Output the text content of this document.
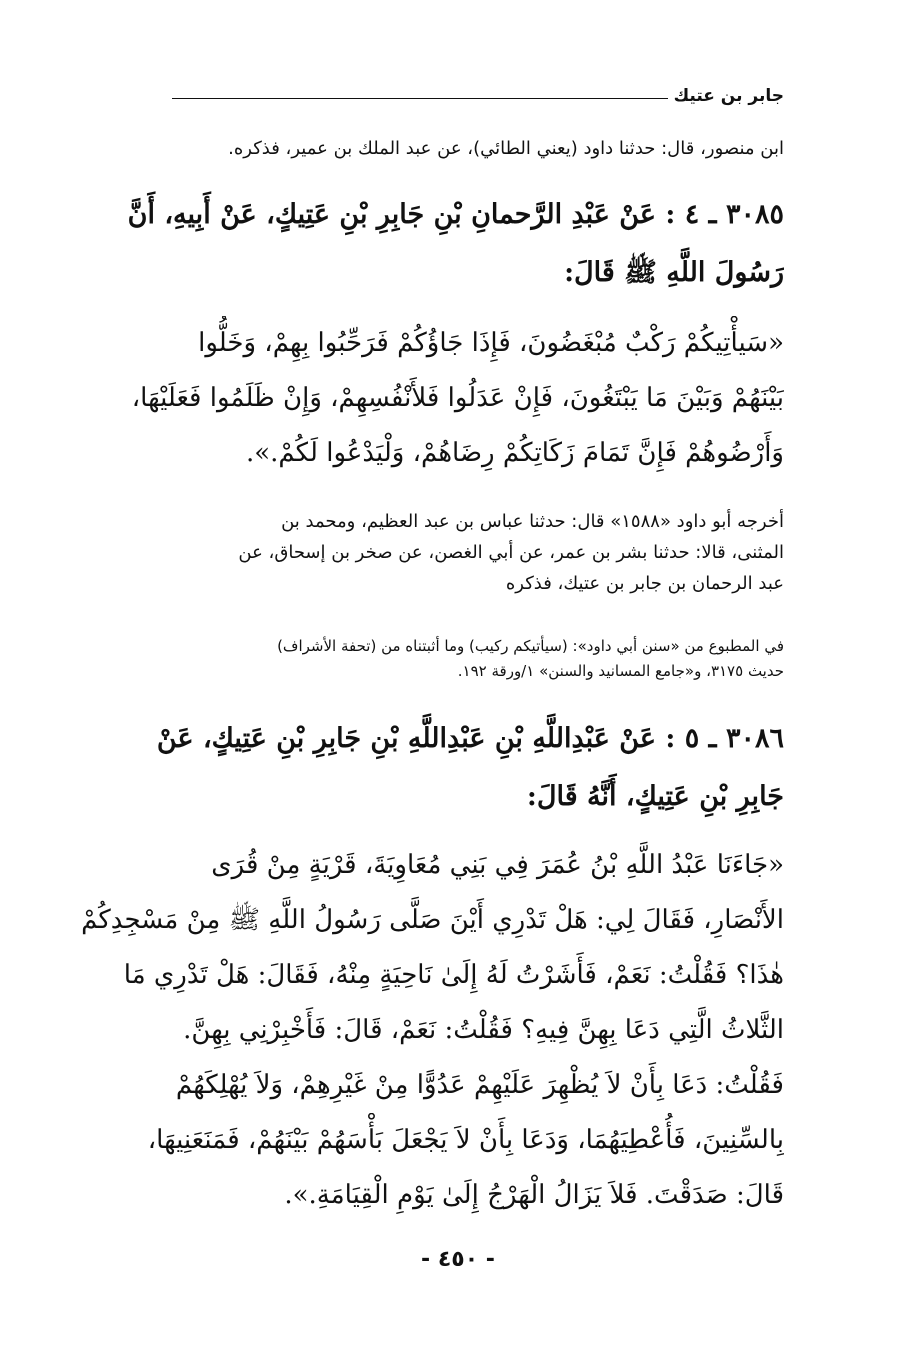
جابر بن عتيك
ابن منصور، قال: حدثنا داود (يعني الطائي)، عن عبد الملك بن عمير، فذكره.
٣٠٨٥ ـ ٤ : عَنْ عَبْدِ الرَّحمانِ بْنِ جَابِرِ بْنِ عَتِيكٍ، عَنْ أَبِيهِ، أَنَّ
رَسُولَ اللَّهِ ﷺ قَالَ:
«سَيأْتِيكُمْ رَكْبٌ مُبْغَضُونَ، فَإِذَا جَاؤُكُمْ فَرَحِّبُوا بِهِمْ، وَخَلُّوا
بَيْنَهُمْ وَبَيْنَ مَا يَبْتَغُونَ، فَإِنْ عَدَلُوا فَلأَنْفُسِهِمْ، وَإِنْ ظَلَمُوا فَعَلَيْهَا،
وَأَرْضُوهُمْ فَإِنَّ تَمَامَ زَكَاتِكُمْ رِضَاهُمْ، وَلْيَدْعُوا لَكُمْ.».
أخرجه أبو داود «١٥٨٨» قال: حدثنا عباس بن عبد العظيم، ومحمد بن
المثنى، قالا: حدثنا بشر بن عمر، عن أبي الغصن، عن صخر بن إسحاق، عن
عبد الرحمان بن جابر بن عتيك، فذكره
في المطبوع من «سنن أبي داود»: (سيأتيكم ركيب) وما أثبتناه من (تحفة الأشراف)
حديث ٣١٧٥، و«جامع المسانيد والسنن» ١/ورقة ١٩٢.
٣٠٨٦ ـ ٥ : عَنْ عَبْدِاللَّهِ بْنِ عَبْدِاللَّهِ بْنِ جَابِرِ بْنِ عَتِيكٍ، عَنْ
جَابِرِ بْنِ عَتِيكٍ، أَنَّهُ قَالَ:
«جَاءَنَا عَبْدُ اللَّهِ بْنُ عُمَرَ فِي بَنِي مُعَاوِيَةَ، قَرْيَةٍ مِنْ قُرَى
الأَنْصَارِ، فَقَالَ لِي: هَلْ تَدْرِي أَيْنَ صَلَّى رَسُولُ اللَّهِ ﷺ مِنْ مَسْجِدِكُمْ
هٰذَا؟ فَقُلْتُ: نَعَمْ، فَأَشَرْتُ لَهُ إِلَىٰ نَاحِيَةٍ مِنْهُ، فَقَالَ: هَلْ تَدْرِي مَا
الثَّلاثُ الَّتِي دَعَا بِهِنَّ فِيهِ؟ فَقُلْتُ: نَعَمْ، قَالَ: فَأَخْبِرْنِي بِهِنَّ.
فَقُلْتُ: دَعَا بِأَنْ لاَ يُظْهِرَ عَلَيْهِمْ عَدُوًّا مِنْ غَيْرِهِمْ، وَلاَ يُهْلِكَهُمْ
بِالسِّنِينَ، فَأُعْطِيَهُمَا، وَدَعَا بِأَنْ لاَ يَجْعَلَ بَأْسَهُمْ بَيْنَهُمْ، فَمَنَعَنِيهَا،
قَالَ: صَدَقْتَ. فَلاَ يَزَالُ الْهَرْجُ إِلَىٰ يَوْمِ الْقِيَامَةِ.».
- ٤٥٠ -
